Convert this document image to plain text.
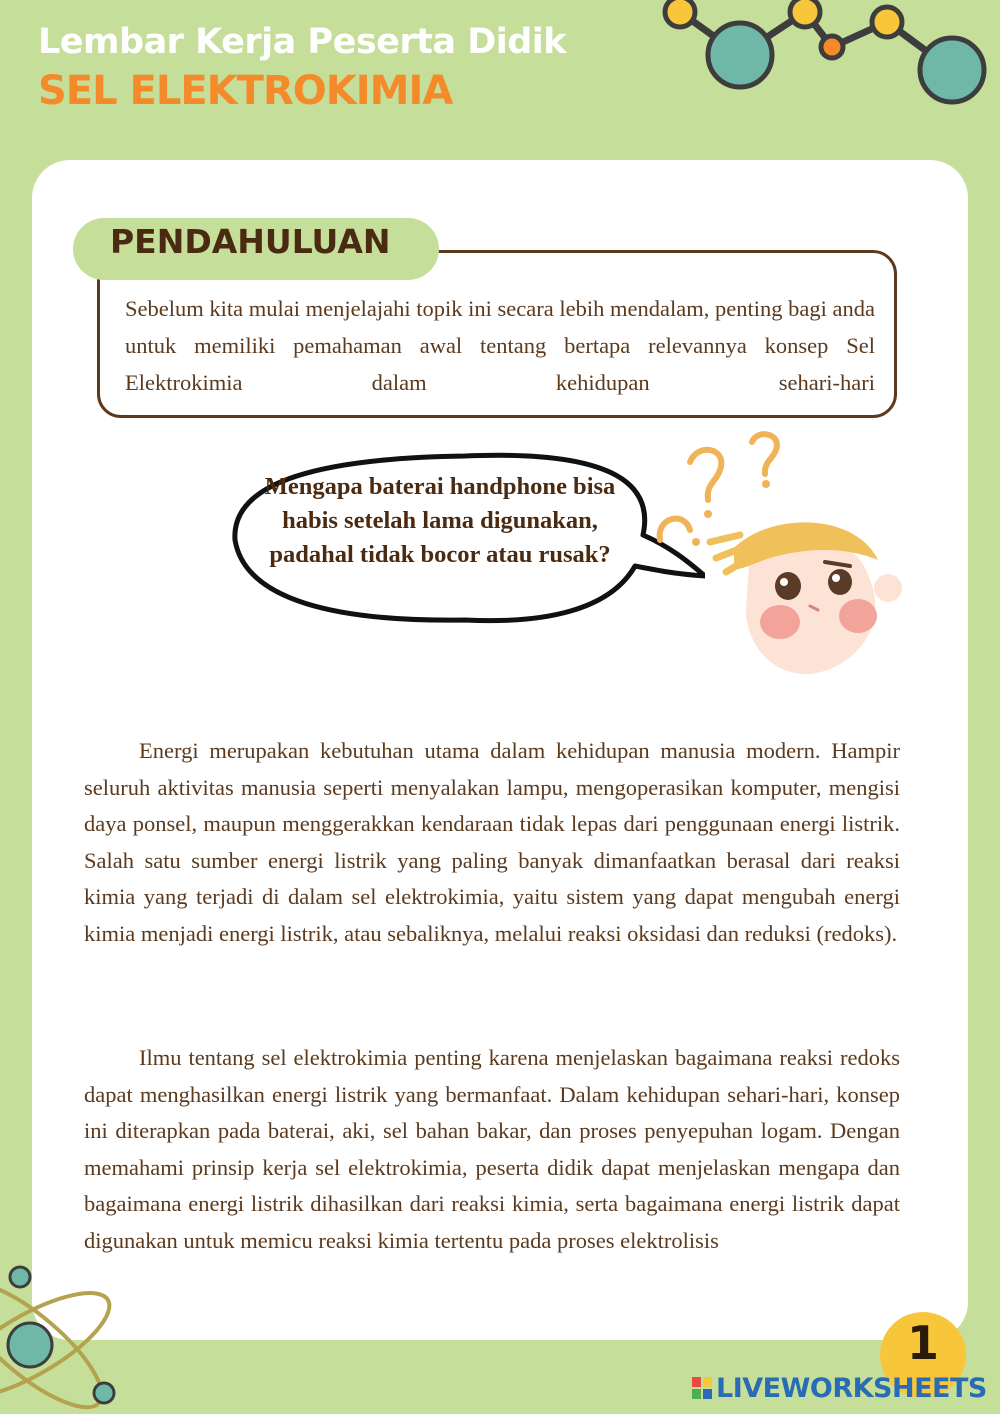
Lembar Kerja Peserta Didik
SEL ELEKTROKIMIA
PENDAHULUAN
Sebelum kita mulai menjelajahi topik ini secara lebih mendalam, penting bagi anda untuk memiliki pemahaman awal tentang bertapa relevannya konsep Sel Elektrokimia dalam kehidupan sehari-hari
Mengapa baterai handphone bisa habis setelah lama digunakan, padahal tidak bocor atau rusak?

Energi merupakan kebutuhan utama dalam kehidupan manusia modern. Hampir seluruh aktivitas manusia seperti menyalakan lampu, mengoperasikan komputer, mengisi daya ponsel, maupun menggerakkan kendaraan tidak lepas dari penggunaan energi listrik. Salah satu sumber energi listrik yang paling banyak dimanfaatkan berasal dari reaksi kimia yang terjadi di dalam sel elektrokimia, yaitu sistem yang dapat mengubah energi kimia menjadi energi listrik, atau sebaliknya, melalui reaksi oksidasi dan reduksi (redoks).

Ilmu tentang sel elektrokimia penting karena menjelaskan bagaimana reaksi redoks dapat menghasilkan energi listrik yang bermanfaat. Dalam kehidupan sehari-hari, konsep ini diterapkan pada baterai, aki, sel bahan bakar, dan proses penyepuhan logam. Dengan memahami prinsip kerja sel elektrokimia, peserta didik dapat menjelaskan mengapa dan bagaimana energi listrik dihasilkan dari reaksi kimia, serta bagaimana energi listrik dapat digunakan untuk memicu reaksi kimia tertentu pada proses elektrolisis

1
LIVEWORKSHEETS
